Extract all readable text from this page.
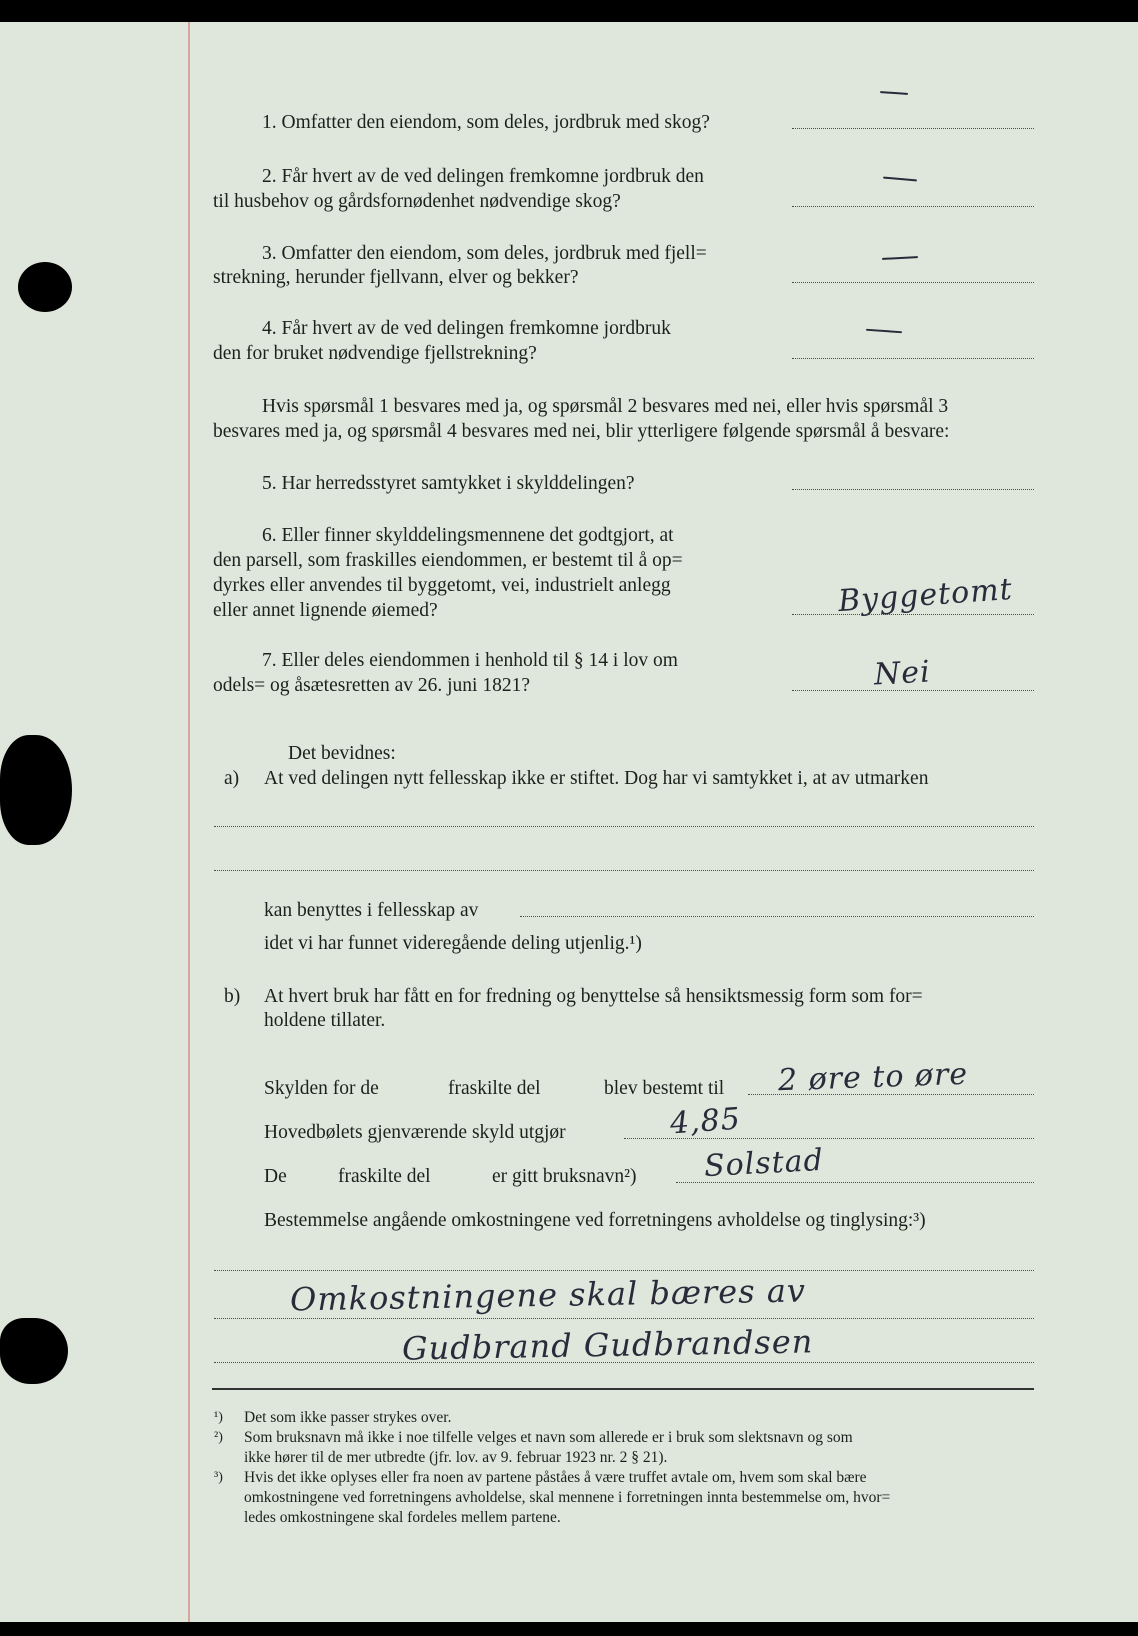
1. Omfatter den eiendom, som deles, jordbruk med skog?
2. Får hvert av de ved delingen fremkomne jordbruk den
til husbehov og gårdsfornødenhet nødvendige skog?
3. Omfatter den eiendom, som deles, jordbruk med fjell=
strekning, herunder fjellvann, elver og bekker?
4. Får hvert av de ved delingen fremkomne jordbruk
den for bruket nødvendige fjellstrekning?
Hvis spørsmål 1 besvares med ja, og spørsmål 2 besvares med nei, eller hvis spørsmål 3
besvares med ja, og spørsmål 4 besvares med nei, blir ytterligere følgende spørsmål å besvare:
5. Har herredsstyret samtykket i skylddelingen?
6. Eller finner skylddelingsmennene det godtgjort, at
den parsell, som fraskilles eiendommen, er bestemt til å op=
dyrkes eller anvendes til byggetomt, vei, industrielt anlegg
eller annet lignende øiemed?	Byggetomt
7. Eller deles eiendommen i henhold til § 14 i lov om
odels= og åsætesretten av 26. juni 1821?	Nei
Det bevidnes:
a) At ved delingen nytt fellesskap ikke er stiftet. Dog har vi samtykket i, at av utmarken
kan benyttes i fellesskap av
idet vi har funnet videregående deling utjenlig.¹)
b) At hvert bruk har fått en for fredning og benyttelse så hensiktsmessig form som for=
holdene tillater.
Skylden for de	fraskilte del	blev bestemt til 2 øre to øre
Hovedbølets gjenværende skyld utgjør	4,85
De	fraskilte del	er gitt bruksnavn²) Solstad
Bestemmelse angående omkostningene ved forretningens avholdelse og tinglysing:³)
Omkostningene skal bæres av
Gudbrand Gudbrandsen
¹) Det som ikke passer strykes over.
²) Som bruksnavn må ikke i noe tilfelle velges et navn som allerede er i bruk som slektsnavn og som
ikke hører til de mer utbredte (jfr. lov. av 9. februar 1923 nr. 2 § 21).
³) Hvis det ikke oplyses eller fra noen av partene påståes å være truffet avtale om, hvem som skal bære
omkostningene ved forretningens avholdelse, skal mennene i forretningen innta bestemmelse om, hvor=
ledes omkostningene skal fordeles mellem partene.
